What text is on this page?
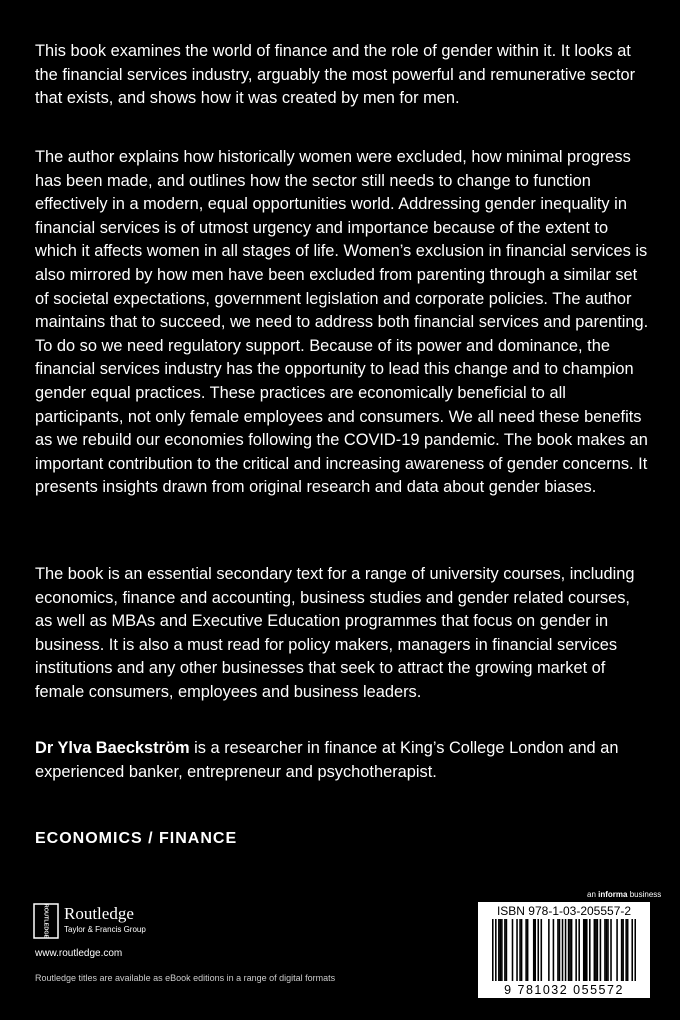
This book examines the world of finance and the role of gender within it. It looks at the financial services industry, arguably the most powerful and remunerative sector that exists, and shows how it was created by men for men.

The author explains how historically women were excluded, how minimal progress has been made, and outlines how the sector still needs to change to function effectively in a modern, equal opportunities world. Addressing gender inequality in financial services is of utmost urgency and importance because of the extent to which it affects women in all stages of life. Women’s exclusion in financial services is also mirrored by how men have been excluded from parenting through a similar set of societal expectations, government legislation and corporate policies. The author maintains that to succeed, we need to address both financial services and parenting. To do so we need regulatory support. Because of its power and dominance, the financial services industry has the opportunity to lead this change and to champion gender equal practices. These practices are economically beneficial to all participants, not only female employees and consumers. We all need these benefits as we rebuild our economies following the COVID-19 pandemic. The book makes an important contribution to the critical and increasing awareness of gender concerns. It presents insights drawn from original research and data about gender biases.

The book is an essential secondary text for a range of university courses, including economics, finance and accounting, business studies and gender related courses, as well as MBAs and Executive Education programmes that focus on gender in business. It is also a must read for policy makers, managers in financial services institutions and any other businesses that seek to attract the growing market of female consumers, employees and business leaders.

Dr Ylva Baeckström is a researcher in finance at King’s College London and an experienced banker, entrepreneur and psychotherapist.

ECONOMICS / FINANCE
ROUTLEDGE Routledge
Taylor & Francis Group
www.routledge.com
Routledge titles are available as eBook editions in a range of digital formats
an informa business
ISBN 978-1-03-205557-2
9 781032 055572
